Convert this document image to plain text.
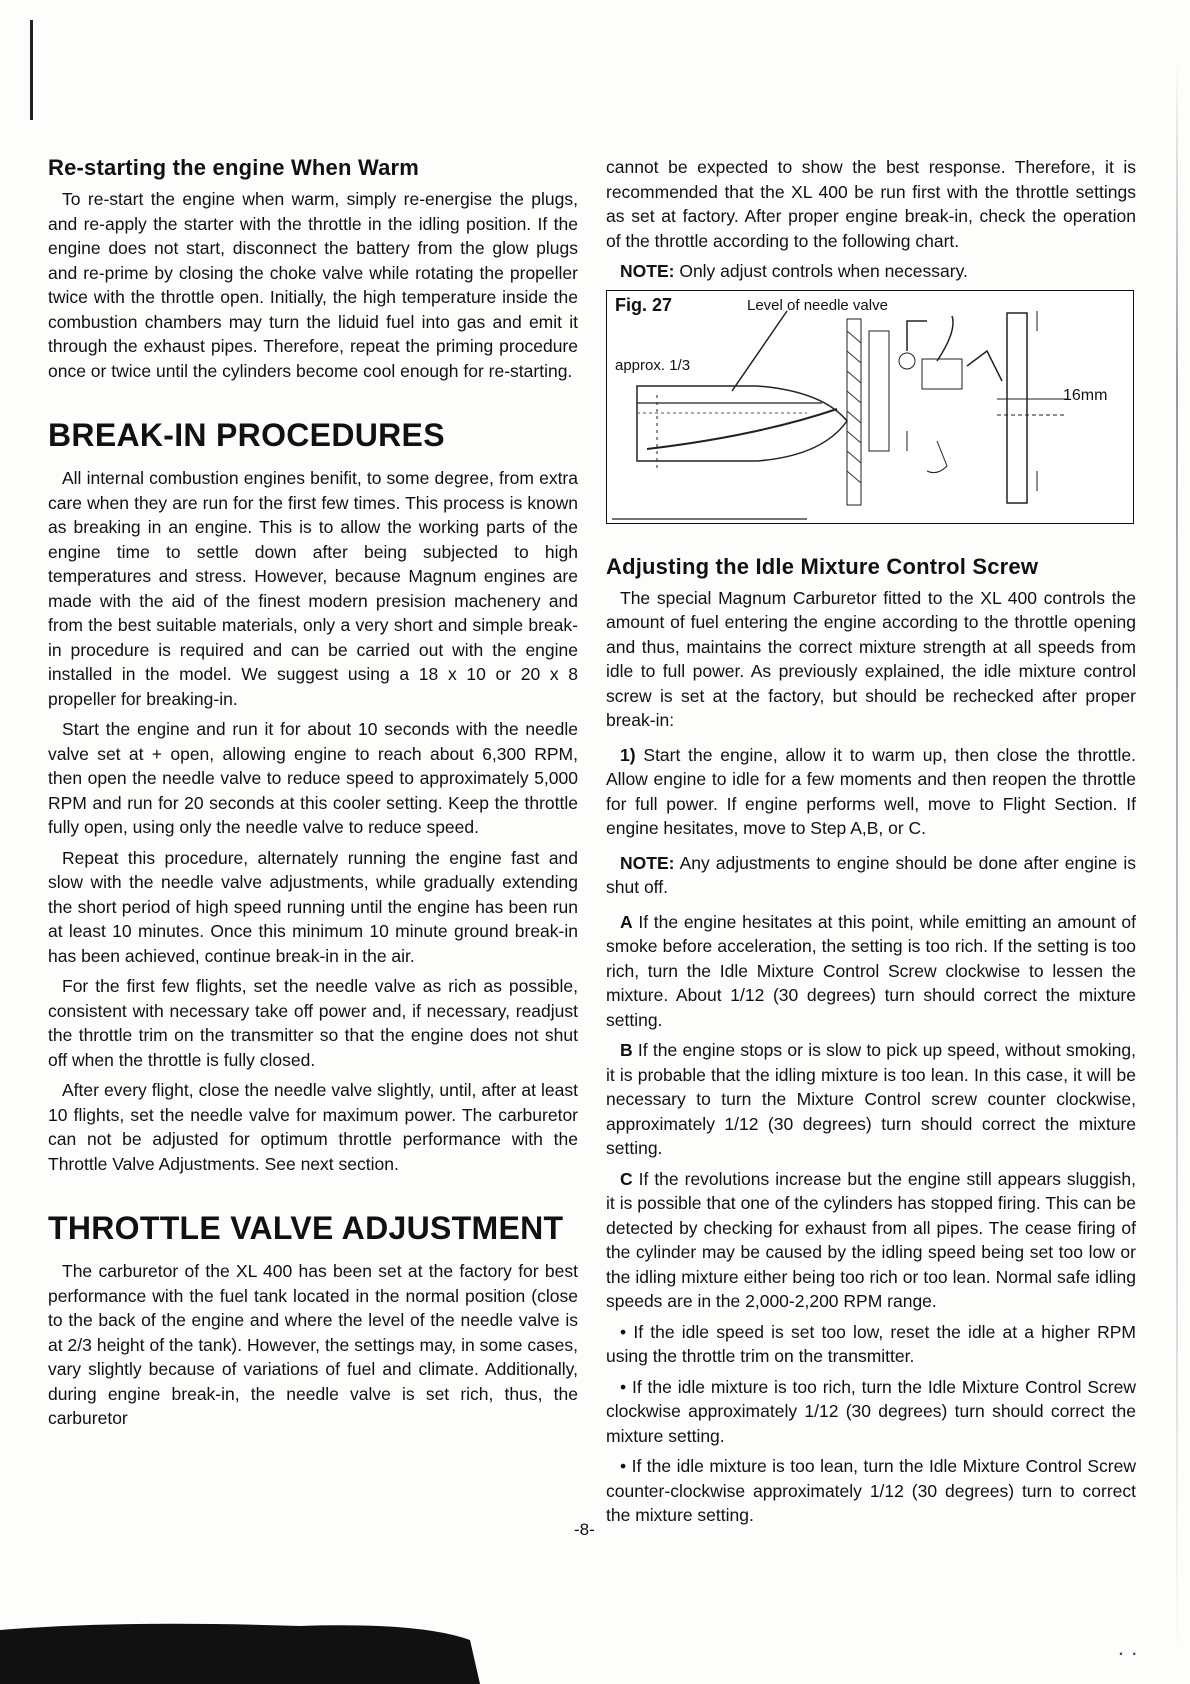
Re-starting the engine When Warm

To re-start the engine when warm, simply re-energise the plugs, and re-apply the starter with the throttle in the idling position. If the engine does not start, disconnect the battery from the glow plugs and re-prime by closing the choke valve while rotating the propeller twice with the throttle open. Initially, the high temperature inside the combustion chambers may turn the liduid fuel into gas and emit it through the exhaust pipes. Therefore, repeat the priming procedure once or twice until the cylinders become cool enough for re-starting.

BREAK-IN PROCEDURES

All internal combustion engines benifit, to some degree, from extra care when they are run for the first few times. This process is known as breaking in an engine. This is to allow the working parts of the engine time to settle down after being subjected to high temperatures and stress. However, because Magnum engines are made with the aid of the finest modern presision machenery and from the best suitable materials, only a very short and simple break-in procedure is required and can be carried out with the engine installed in the model. We suggest using a 18 x 10 or 20 x 8 propeller for breaking-in.

Start the engine and run it for about 10 seconds with the needle valve set at + open, allowing engine to reach about 6,300 RPM, then open the needle valve to reduce speed to approximately 5,000 RPM and run for 20 seconds at this cooler setting. Keep the throttle fully open, using only the needle valve to reduce speed.

Repeat this procedure, alternately running the engine fast and slow with the needle valve adjustments, while gradually extending the short period of high speed running until the engine has been run at least 10 minutes. Once this minimum 10 minute ground break-in has been achieved, continue break-in in the air.

For the first few flights, set the needle valve as rich as possible, consistent with necessary take off power and, if necessary, readjust the throttle trim on the transmitter so that the engine does not shut off when the throttle is fully closed.

After every flight, close the needle valve slightly, until, after at least 10 flights, set the needle valve for maximum power. The carburetor can not be adjusted for optimum throttle performance with the Throttle Valve Adjustments. See next section.

THROTTLE VALVE ADJUSTMENT

The carburetor of the XL 400 has been set at the factory for best performance with the fuel tank located in the normal position (close to the back of the engine and where the level of the needle valve is at 2/3 height of the tank). However, the settings may, in some cases, vary slightly because of variations of fuel and climate. Additionally, during engine break-in, the needle valve is set rich, thus, the carburetor

cannot be expected to show the best response. Therefore, it is recommended that the XL 400 be run first with the throttle settings as set at factory. After proper engine break-in, check the operation of the throttle according to the following chart.

NOTE: Only adjust controls when necessary.

Fig. 27	Level of needle valve
approx. 1/3
16mm
Adjusting the Idle Mixture Control Screw

The special Magnum Carburetor fitted to the XL 400 controls the amount of fuel entering the engine according to the throttle opening and thus, maintains the correct mixture strength at all speeds from idle to full power. As previously explained, the idle mixture control screw is set at the factory, but should be rechecked after proper break-in:

1) Start the engine, allow it to warm up, then close the throttle. Allow engine to idle for a few moments and then reopen the throttle for full power. If engine performs well, move to Flight Section. If engine hesitates, move to Step A,B, or C.

NOTE: Any adjustments to engine should be done after engine is shut off.

A If the engine hesitates at this point, while emitting an amount of smoke before acceleration, the setting is too rich. If the setting is too rich, turn the Idle Mixture Control Screw clockwise to lessen the mixture. About 1/12 (30 degrees) turn should correct the mixture setting.

B If the engine stops or is slow to pick up speed, without smoking, it is probable that the idling mixture is too lean. In this case, it will be necessary to turn the Mixture Control screw counter clockwise, approximately 1/12 (30 degrees) turn should correct the mixture setting.

C If the revolutions increase but the engine still appears sluggish, it is possible that one of the cylinders has stopped firing. This can be detected by checking for exhaust from all pipes. The cease firing of the cylinder may be caused by the idling speed being set too low or the idling mixture either being too rich or too lean. Normal safe idling speeds are in the 2,000-2,200 RPM range.

• If the idle speed is set too low, reset the idle at a higher RPM using the throttle trim on the transmitter.

• If the idle mixture is too rich, turn the Idle Mixture Control Screw clockwise approximately 1/12 (30 degrees) turn should correct the mixture setting.

• If the idle mixture is too lean, turn the Idle Mixture Control Screw counter-clockwise approximately 1/12 (30 degrees) turn to correct the mixture setting.

-8-
· ·
